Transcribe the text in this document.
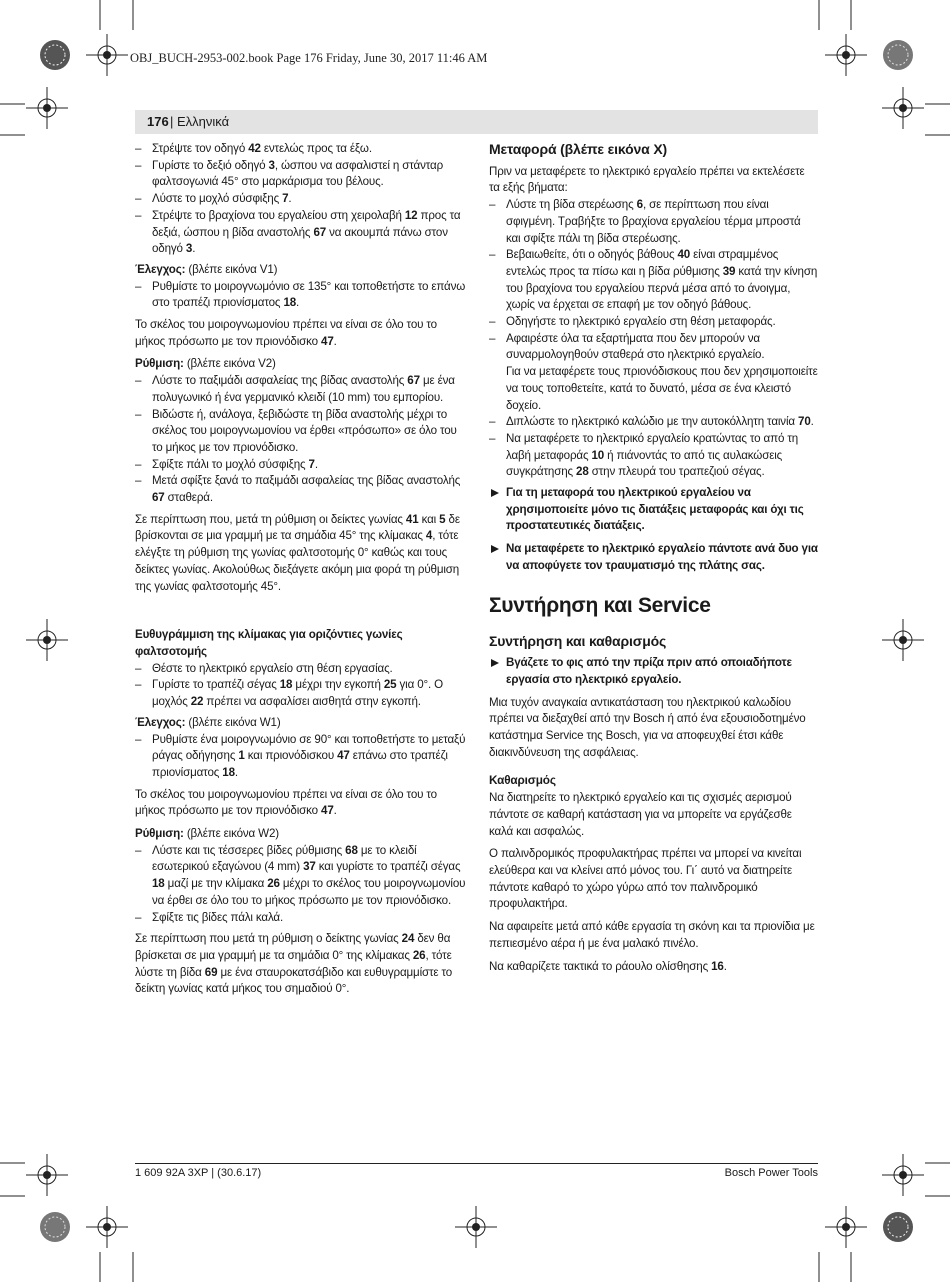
OBJ_BUCH-2953-002.book Page 176 Friday, June 30, 2017 11:46 AM
176 | Ελληνικά
– Στρέψτε τον οδηγό 42 εντελώς προς τα έξω.
– Γυρίστε το δεξιό οδηγό 3, ώσπου να ασφαλιστεί η στάνταρ φαλτσογωνιά 45° στο μαρκάρισμα του βέλους.
– Λύστε το μοχλό σύσφιξης 7.
– Στρέψτε το βραχίονα του εργαλείου στη χειρολαβή 12 προς τα δεξιά, ώσπου η βίδα αναστολής 67 να ακουμπά πάνω στον οδηγό 3.
Έλεγχος: (βλέπε εικόνα V1)
– Ρυθμίστε το μοιρογνωμόνιο σε 135° και τοποθετήστε το επάνω στο τραπέζι πριονίσματος 18.

Το σκέλος του μοιρογνωμονίου πρέπει να είναι σε όλο του το μήκος πρόσωπο με τον πριονόδισκο 47.

Ρύθμιση: (βλέπε εικόνα V2)
– Λύστε το παξιμάδι ασφαλείας της βίδας αναστολής 67 με ένα πολυγωνικό ή ένα γερμανικό κλειδί (10 mm) του εμπορίου.
– Βιδώστε ή, ανάλογα, ξεβιδώστε τη βίδα αναστολής μέχρι το σκέλος του μοιρογνωμονίου να έρθει «πρόσωπο» σε όλο του το μήκος με τον πριονόδισκο.
– Σφίξτε πάλι το μοχλό σύσφιξης 7.
– Μετά σφίξτε ξανά το παξιμάδι ασφαλείας της βίδας αναστολής 67 σταθερά.

Σε περίπτωση που, μετά τη ρύθμιση οι δείκτες γωνίας 41 και 5 δε βρίσκονται σε μια γραμμή με τα σημάδια 45° της κλίμακας 4, τότε ελέγξτε τη ρύθμιση της γωνίας φαλτσοτομής 0° καθώς και τους δείκτες γωνίας. Ακολούθως διεξάγετε ακόμη μια φορά τη ρύθμιση της γωνίας φαλτσοτομής 45°.

Ευθυγράμμιση της κλίμακας για οριζόντιες γωνίες φαλτσοτομής
– Θέστε το ηλεκτρικό εργαλείο στη θέση εργασίας.
– Γυρίστε το τραπέζι σέγας 18 μέχρι την εγκοπή 25 για 0°. Ο μοχλός 22 πρέπει να ασφαλίσει αισθητά στην εγκοπή.
Έλεγχος: (βλέπε εικόνα W1)
– Ρυθμίστε ένα μοιρογνωμόνιο σε 90° και τοποθετήστε το μεταξύ ράγας οδήγησης 1 και πριονόδισκου 47 επάνω στο τραπέζι πριονίσματος 18.

Το σκέλος του μοιρογνωμονίου πρέπει να είναι σε όλο του το μήκος πρόσωπο με τον πριονόδισκο 47.

Ρύθμιση: (βλέπε εικόνα W2)
– Λύστε και τις τέσσερες βίδες ρύθμισης 68 με το κλειδί εσωτερικού εξαγώνου (4 mm) 37 και γυρίστε το τραπέζι σέγας 18 μαζί με την κλίμακα 26 μέχρι το σκέλος του μοιρογνωμονίου να έρθει σε όλο του το μήκος πρόσωπο με τον πριονόδισκο.
– Σφίξτε τις βίδες πάλι καλά.

Σε περίπτωση που μετά τη ρύθμιση ο δείκτης γωνίας 24 δεν θα βρίσκεται σε μια γραμμή με τα σημάδια 0° της κλίμακας 26, τότε λύστε τη βίδα 69 με ένα σταυροκατσάβιδο και ευθυγραμμίστε το δείκτη γωνίας κατά μήκος του σημαδιού 0°.

Μεταφορά (βλέπε εικόνα X)

Πριν να μεταφέρετε το ηλεκτρικό εργαλείο πρέπει να εκτελέσετε τα εξής βήματα:

– Λύστε τη βίδα στερέωσης 6, σε περίπτωση που είναι σφιγμένη. Τραβήξτε το βραχίονα εργαλείου τέρμα μπροστά και σφίξτε πάλι τη βίδα στερέωσης.
– Βεβαιωθείτε, ότι ο οδηγός βάθους 40 είναι στραμμένος εντελώς προς τα πίσω και η βίδα ρύθμισης 39 κατά την κίνηση του βραχίονα του εργαλείου περνά μέσα από το άνοιγμα, χωρίς να έρχεται σε επαφή με τον οδηγό βάθους.
– Οδηγήστε το ηλεκτρικό εργαλείο στη θέση μεταφοράς.
– Αφαιρέστε όλα τα εξαρτήματα που δεν μπορούν να συναρμολογηθούν σταθερά στο ηλεκτρικό εργαλείο.
Για να μεταφέρετε τους πριονόδισκους που δεν χρησιμοποιείτε να τους τοποθετείτε, κατά το δυνατό, μέσα σε ένα κλειστό δοχείο.
– Διπλώστε το ηλεκτρικό καλώδιο με την αυτοκόλλητη ταινία 70.
– Να μεταφέρετε το ηλεκτρικό εργαλείο κρατώντας το από τη λαβή μεταφοράς 10 ή πιάνοντάς το από τις αυλακώσεις συγκράτησης 28 στην πλευρά του τραπεζιού σέγας.
Για τη μεταφορά του ηλεκτρικού εργαλείου να χρησιμοποιείτε μόνο τις διατάξεις μεταφοράς και όχι τις προστατευτικές διατάξεις.
Να μεταφέρετε το ηλεκτρικό εργαλείο πάντοτε ανά δυο για να αποφύγετε τον τραυματισμό της πλάτης σας.
Συντήρηση και Service
Συντήρηση και καθαρισμός
Βγάζετε το φις από την πρίζα πριν από οποιαδήποτε εργασία στο ηλεκτρικό εργαλείο.

Μια τυχόν αναγκαία αντικατάσταση του ηλεκτρικού καλωδίου πρέπει να διεξαχθεί από την Bosch ή από ένα εξουσιοδοτημένο κατάστημα Service της Bosch, για να αποφευχθεί έτσι κάθε διακινδύνευση της ασφάλειας.

Καθαρισμός

Να διατηρείτε το ηλεκτρικό εργαλείο και τις σχισμές αερισμού πάντοτε σε καθαρή κατάσταση για να μπορείτε να εργάζεσθε καλά και ασφαλώς.

Ο παλινδρομικός προφυλακτήρας πρέπει να μπορεί να κινείται ελεύθερα και να κλείνει από μόνος του. Γι΄ αυτό να διατηρείτε πάντοτε καθαρό το χώρο γύρω από τον παλινδρομικό προφυλακτήρα.

Να αφαιρείτε μετά από κάθε εργασία τη σκόνη και τα πριονίδια με πεπιεσμένο αέρα ή με ένα μαλακό πινέλο.

Να καθαρίζετε τακτικά το ράουλο ολίσθησης 16.

1 609 92A 3XP | (30.6.17)	Bosch Power Tools
